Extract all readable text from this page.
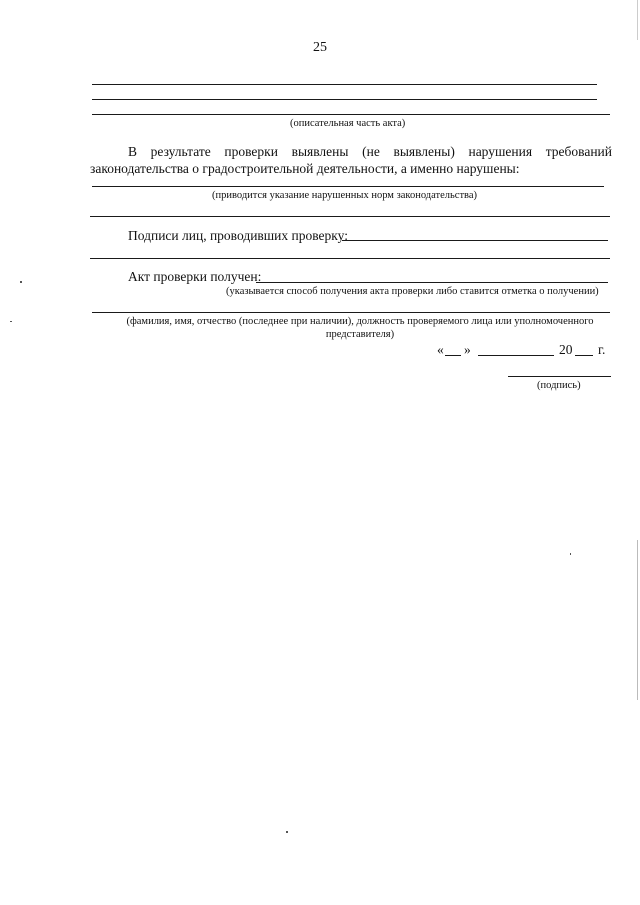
25
(описательная часть акта)
В результате проверки выявлены (не выявлены) нарушения требований
законодательства о градостроительной деятельности, а именно нарушены:
(приводится указание нарушенных норм законодательства)
Подписи лиц, проводивших проверку:
Акт проверки получен:
(указывается способ получения акта проверки либо ставится отметка о получении)
(фамилия, имя, отчество (последнее при наличии), должность проверяемого лица или уполномоченного
представителя)
« »	20 г.
(подпись)
